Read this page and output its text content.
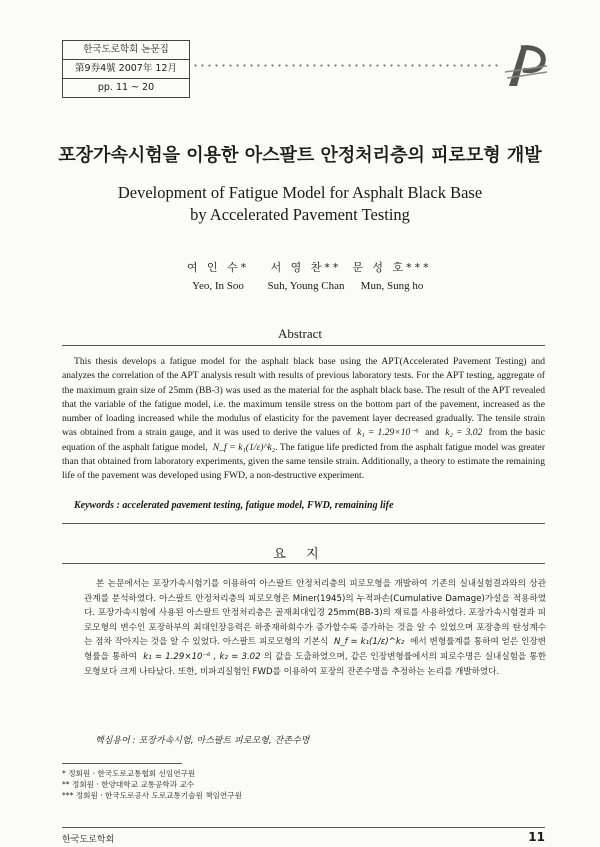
한국도로학회 논문집
第9券4號 2007年 12月
pp. 11 ~ 20
포장가속시험을 이용한 아스팔트 안정처리층의 피로모형 개발
Development of Fatigue Model for Asphalt Black Base
by Accelerated Pavement Testing
여 인 수*
Yeo, In Soo
서 영 찬**
Suh, Young Chan
문 성 호***
Mun, Sung ho
Abstract

This thesis develops a fatigue model for the asphalt black base using the APT(Accelerated Pavement Testing) and analyzes the correlation of the APT analysis result with results of previous laboratory tests. For the APT testing, aggregate of the maximum grain size of 25mm (BB-3) was used as the material for the asphalt black base. The result of the APT revealed that the variable of the fatigue model, i.e. the maximum tensile stress on the bottom part of the pavement, increased as the number of loading increased while the modulus of elasticity for the pavement layer decreased gradually. The tensile strain was obtained from a strain gauge, and it was used to derive the values of k₁ = 1.29×10⁻⁶ and k₂ = 3.02 from the basic equation of the asphalt fatigue model, N_f = k₁(1/ε)^k₂. The fatigue life predicted from the asphalt fatigue model was greater than that obtained from laboratory experiments, given the same tensile strain. Additionally, a theory to estimate the remaining life of the pavement was developed using FWD, a non-destructive experiment.

Keywords : accelerated pavement testing, fatigue model, FWD, remaining life
요 지

본 논문에서는 포장가속시험기를 이용하여 아스팔트 안정처리층의 피로모형을 개발하여 기존의 실내실험결과와의 상관관계를 분석하였다. 아스팔트 안정처리층의 피로모형은 Miner(1945)의 누적파손(Cumulative Damage)가설을 적용하였다. 포장가속시험에 사용된 아스팔트 안정처리층은 골재최대입경 25mm(BB-3)의 재료를 사용하였다. 포장가속시험결과 피로모형의 변수인 포장하부의 최대인장응력은 하중재하회수가 증가할수록 증가하는 것을 알 수 있었으며 포장층의 탄성계수는 점차 작아지는 것을 알 수 있었다. 아스팔트 피로모형의 기본식 N_f = k₁(1/ε)^k₂ 에서 변형률계를 통하여 얻은 인장변형률을 통하여 k₁ = 1.29×10⁻⁶ , k₂ = 3.02 의 값을 도출하였으며, 같은 인장변형률에서의 피로수명은 실내실험을 통한 모형보다 크게 나타났다. 또한, 비파괴실험인 FWD를 이용하여 포장의 잔존수명을 추정하는 논리를 개발하였다.

핵심용어 : 포장가속시험, 아스팔트 피로모형, 잔존수명
* 정회원 · 한국도로교통협회 선임연구원
** 정회원 · 한양대학교 교통공학과 교수
*** 정회원 · 한국도로공사 도로교통기술원 책임연구원
한국도로학회	11
